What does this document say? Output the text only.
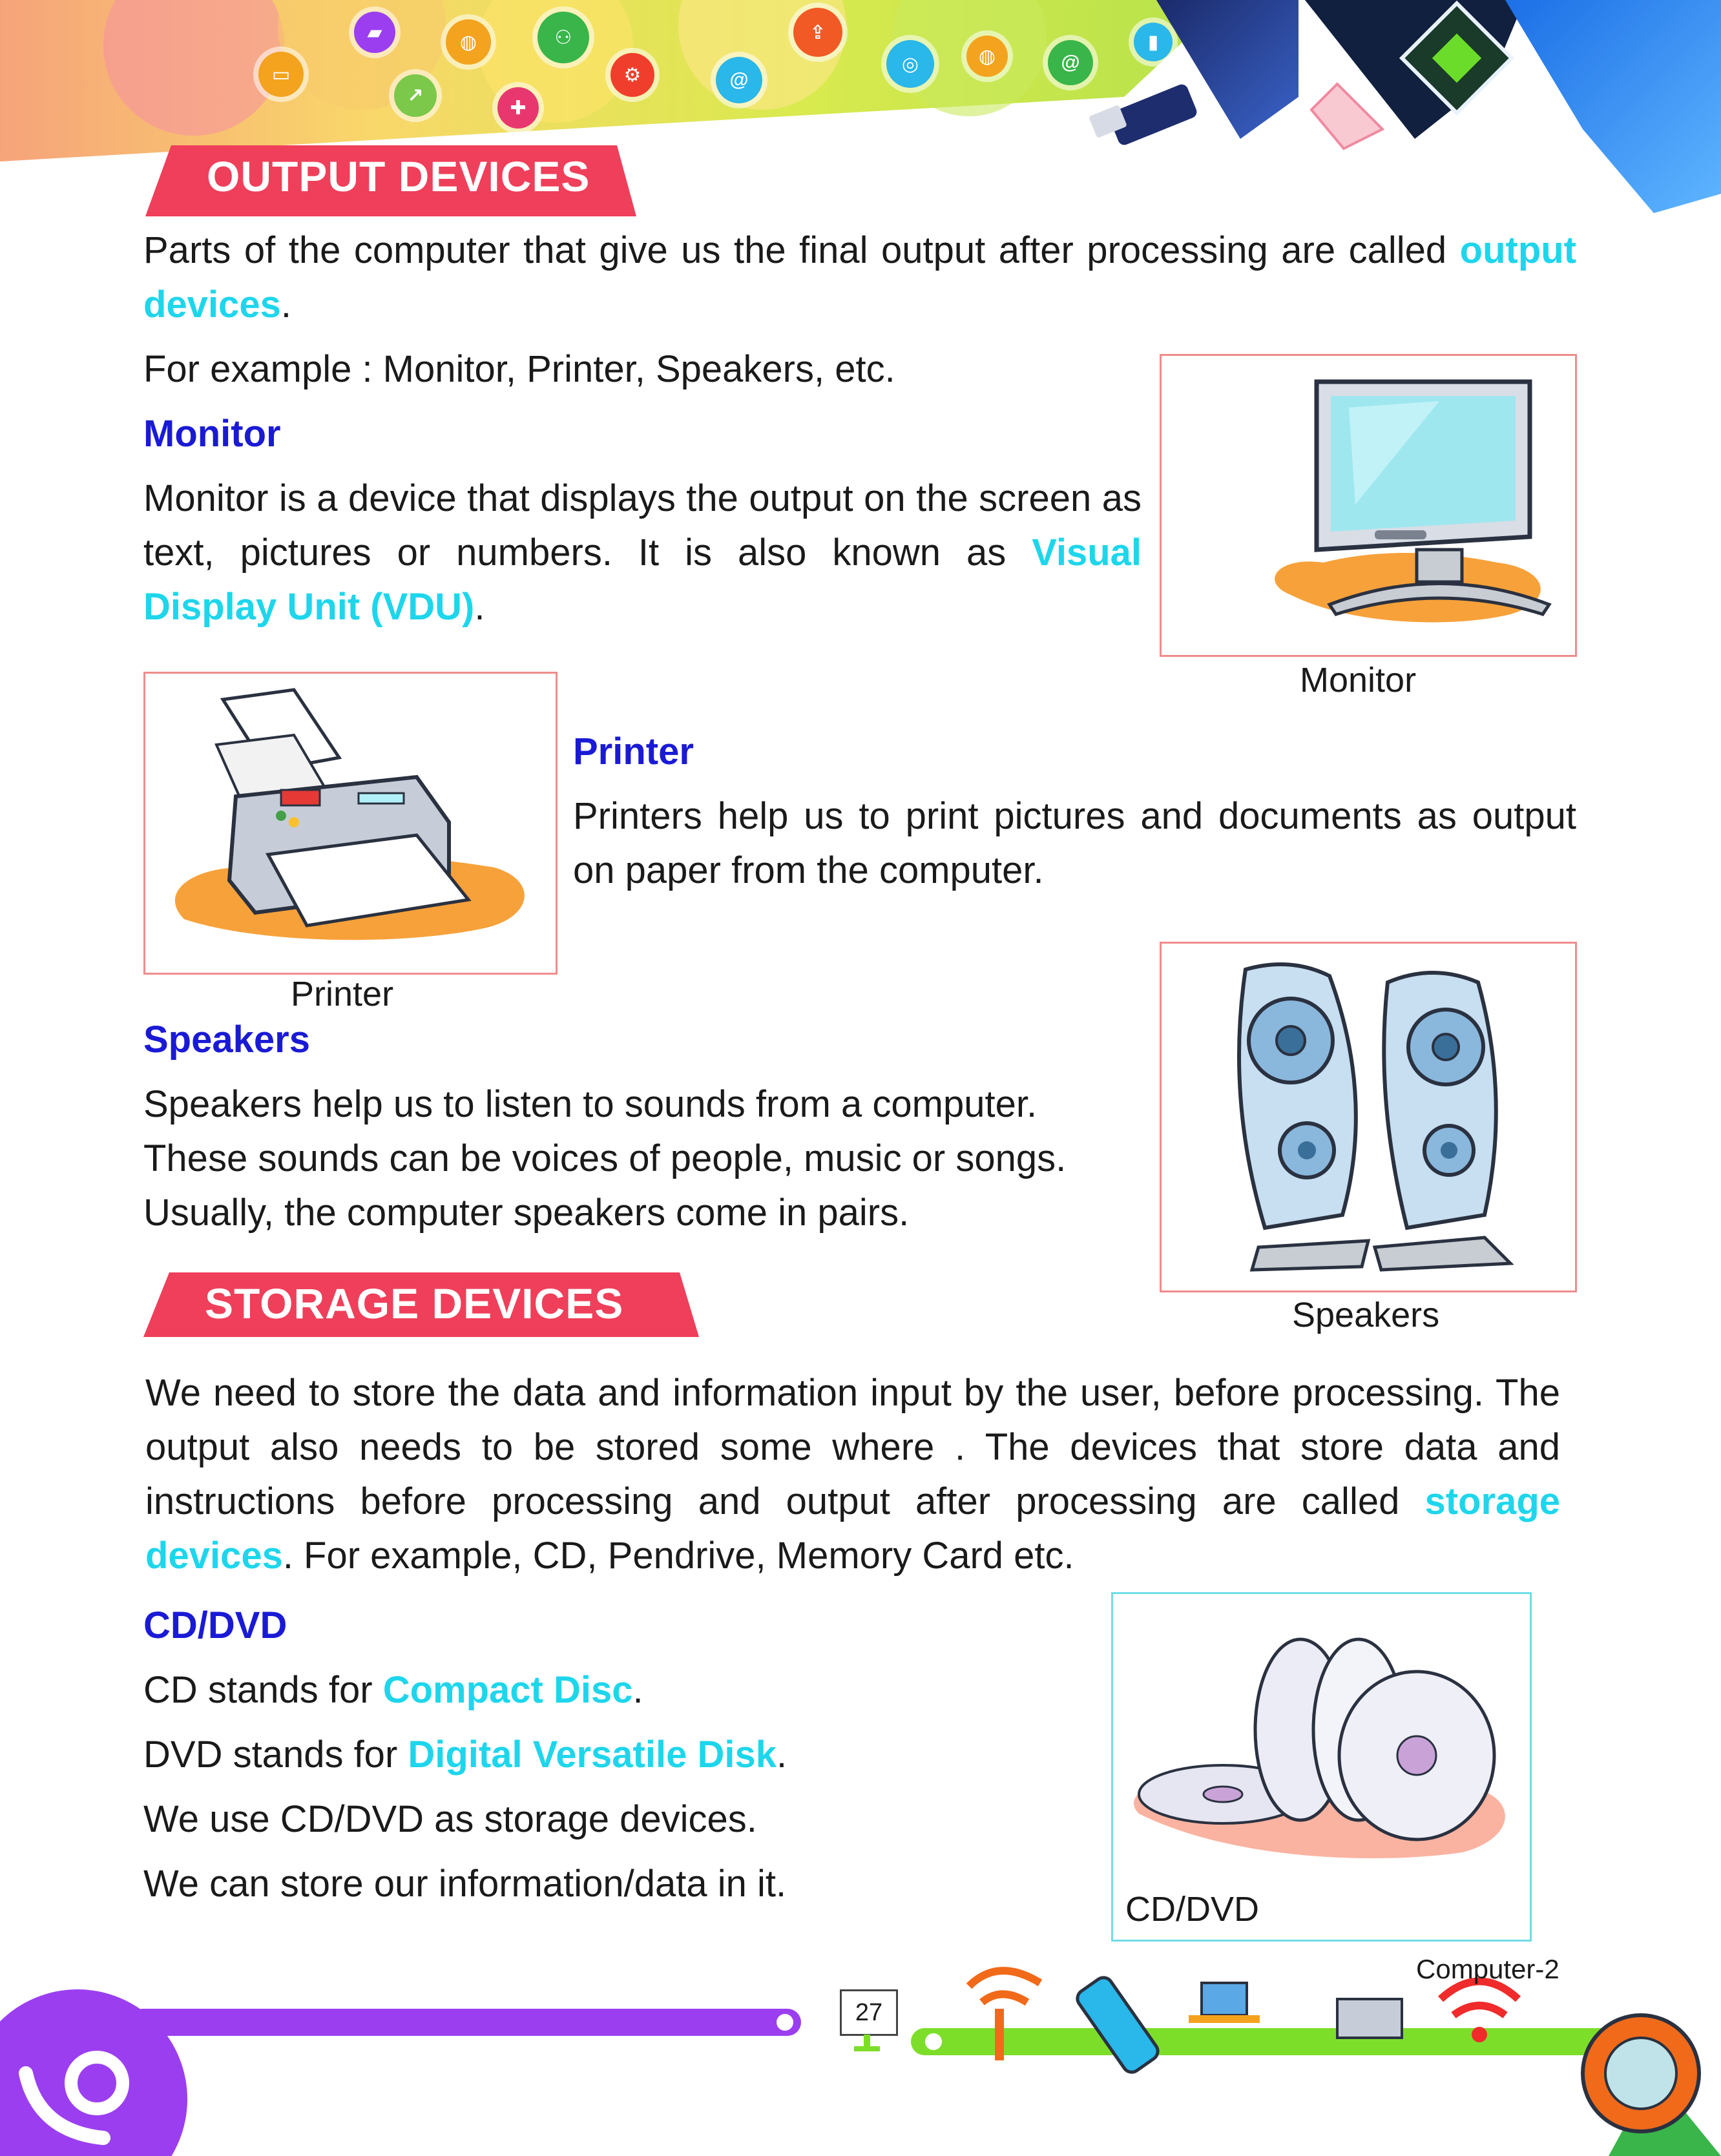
▭
↗
▰
✚
◍
⚙
⚇
@
⇪
◎	◍	@
▮
OUTPUT DEVICES

Parts of the computer that give us the final output after processing are called output devices.

For example : Monitor, Printer, Speakers, etc.

Monitor

Monitor is a device that displays the output on the screen as text, pictures or numbers. It is also known as Visual Display Unit (VDU).

Monitor
Printer
Printer

Printers help us to print pictures and documents as output on paper from the computer.

Speakers

Speakers help us to listen to sounds from a computer.
These sounds can be voices of people, music or songs.
Usually, the computer speakers come in pairs.

Speakers
STORAGE DEVICES

We need to store the data and information input by the user, before processing. The output also needs to be stored some where . The devices that store data and instructions before processing and output after processing are called storage devices. For example, CD, Pendrive, Memory Card etc.

CD/DVD

CD stands for Compact Disc.

DVD stands for Digital Versatile Disk.

We use CD/DVD as storage devices.

We can store our information/data in it.

CD/DVD
27
Computer-2
